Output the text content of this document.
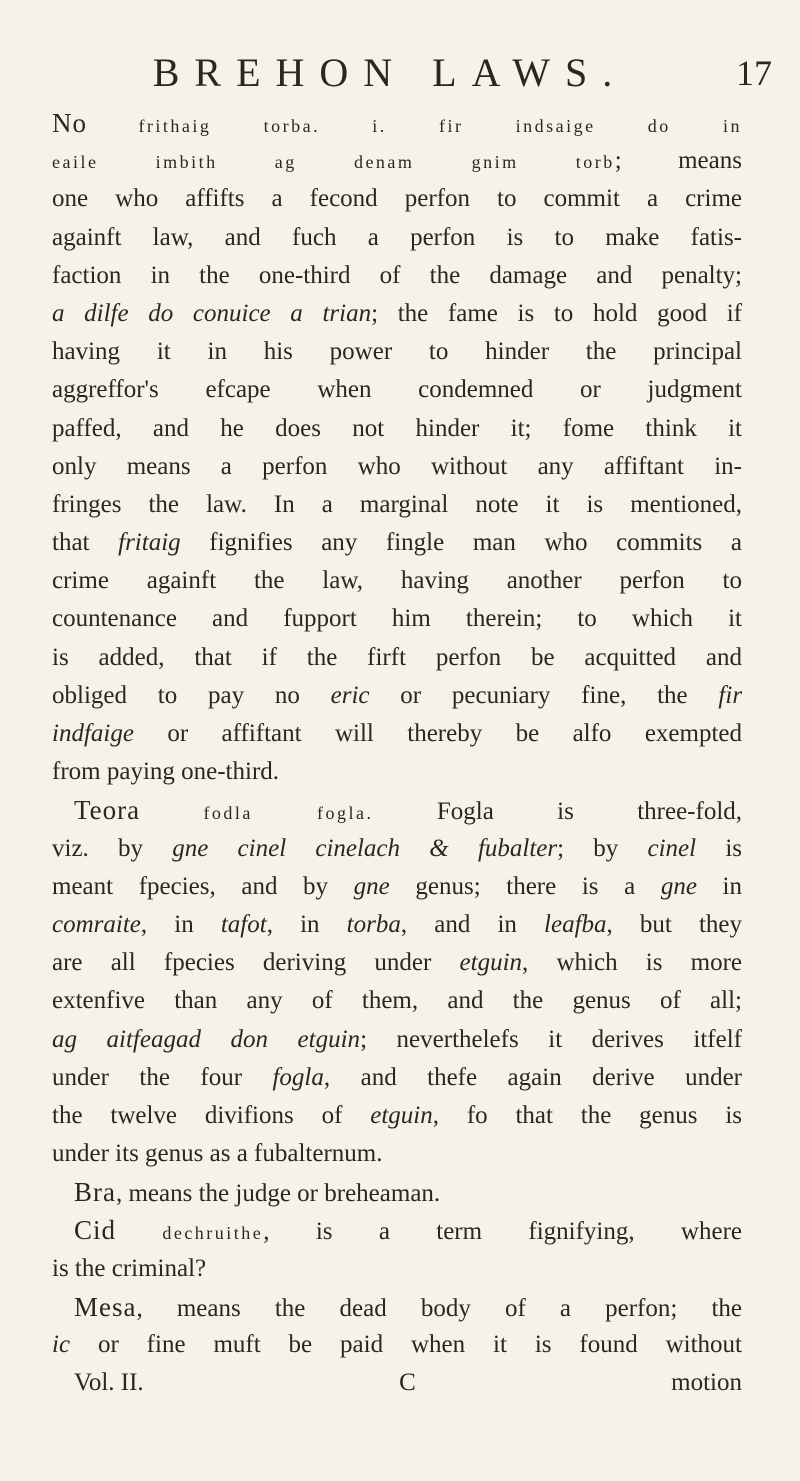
BREHON LAWS.	17
No	frithaig torba. i. fir indsaige do in
eaile imbith ag denam gnim torb; means
one who affifts a fecond perfon to commit a crime
againft law, and fuch a perfon is to make fatis-
faction in the one-third of the damage and penalty;
a dilfe do conuice a trian; the fame is to hold good if
having it in his power to hinder the principal
aggreffor's efcape when condemned or judgment
paffed, and he does not hinder it; fome think it
only means a perfon who without any affiftant in-
fringes the law. In a marginal note it is mentioned,
that fritaig fignifies any fingle man who commits a
crime againft the law, having another perfon to
countenance and fupport him therein; to which it
is added, that if the firft perfon be acquitted and
obliged to pay no eric or pecuniary fine, the fir
indfaige or affiftant will thereby be alfo exempted
from paying one-third.
Teora	fodla fogla.	Fogla is three-fold,
viz. by gne cinel cinelach & fubalter; by cinel is
meant fpecies, and by gne genus; there is a gne in
comraite, in tafot, in torba, and in leafba, but they
are all fpecies deriving under etguin, which is more
extenfive than any of them, and the genus of all;
ag aitfeagad don etguin; neverthelefs it derives itfelf
under the four fogla, and thefe again derive under
the twelve divifions of etguin, fo that the genus is
under its genus as a fubalternum.
Bra, means the judge or breheaman.
Cid	dechruithe, is a term fignifying, where
is the criminal?
Mesa, means the dead body of a perfon; the
ic or fine muft be paid when it is found without
Vol. II.	C	motion
